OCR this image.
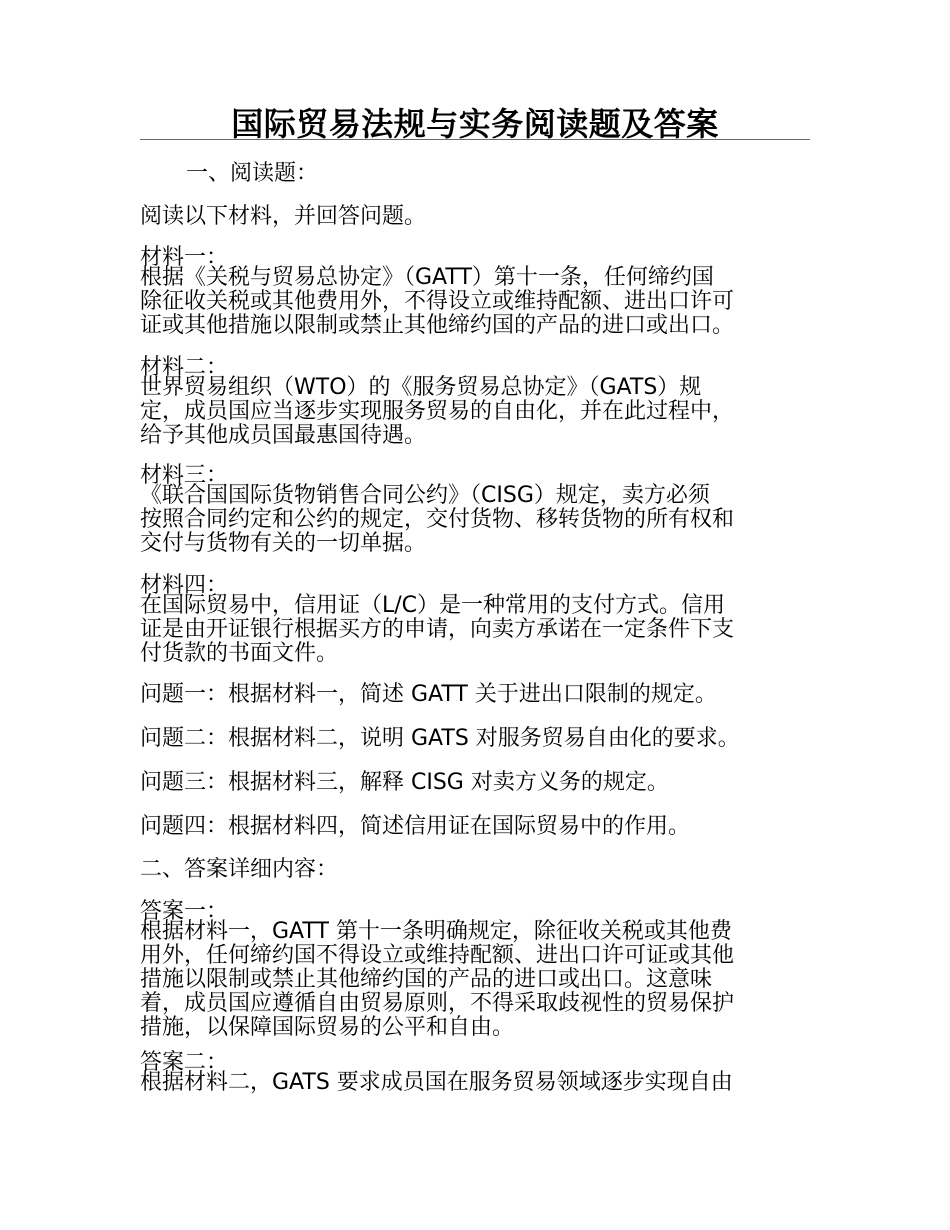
国际贸易法规与实务阅读题及答案
一、阅读题：
阅读以下材料，并回答问题。
材料一：
根据《关税与贸易总协定》（GATT）第十一条，任何缔约国
除征收关税或其他费用外，不得设立或维持配额、进出口许可
证或其他措施以限制或禁止其他缔约国的产品的进口或出口。
材料二：
世界贸易组织（WTO）的《服务贸易总协定》（GATS）规
定，成员国应当逐步实现服务贸易的自由化，并在此过程中，
给予其他成员国最惠国待遇。
材料三：
《联合国国际货物销售合同公约》（CISG）规定，卖方必须
按照合同约定和公约的规定，交付货物、移转货物的所有权和
交付与货物有关的一切单据。
材料四：
在国际贸易中，信用证（L/C）是一种常用的支付方式。信用
证是由开证银行根据买方的申请，向卖方承诺在一定条件下支
付货款的书面文件。
问题一：根据材料一，简述 GATT 关于进出口限制的规定。
问题二：根据材料二，说明 GATS 对服务贸易自由化的要求。
问题三：根据材料三，解释 CISG 对卖方义务的规定。
问题四：根据材料四，简述信用证在国际贸易中的作用。
二、答案详细内容：
答案一：
根据材料一，GATT 第十一条明确规定，除征收关税或其他费
用外，任何缔约国不得设立或维持配额、进出口许可证或其他
措施以限制或禁止其他缔约国的产品的进口或出口。这意味
着，成员国应遵循自由贸易原则，不得采取歧视性的贸易保护
措施，以保障国际贸易的公平和自由。
答案二：
根据材料二，GATS 要求成员国在服务贸易领域逐步实现自由
